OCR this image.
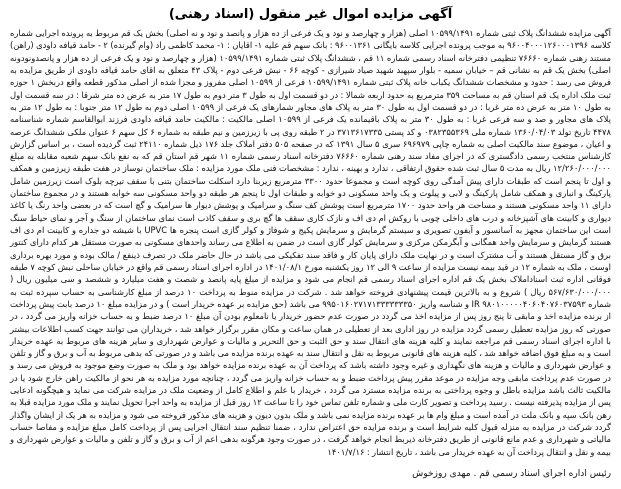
آگهی مزایده اموال غیر منقول (اسناد رهنی)

آگهی مزایده ششدانگ پلاک ثبتی شماره ۱۰۵۹۹/۱۴۹۱ اصلی (هزار و چهارصد و نود و یک فرعی از ده هزار و پانصد و نود و نه اصلی) بخش یک قم مربوط به پرونده اجرایی شماره کلاسه ۹۶۰۰۴۰۰۰۱۲۶۰۰۰۱۳۹۶ به موجب پرونده اجرایی کلاسه بایگانی ۹۶۰۰۱۳۶۱ : بانک سهم قم علیه ۱- اقایان : ۱- محمد کاظمی راد (وام گیرنده) ۲ - حامد قیافه داودی (راهن) مستند رهنی شماره ۷۶۶۶۰ تنظیمی دفترخانه اسناد رسمی شماره ۱۱ قم ، ششدانگ پلاک ثبتی شماره ۱۰۵۹۹/۱۴۹۱ (هزار و چهارصد و نود و یک فرعی از ده هزار و پانصدونودونه اصلی) بخش یک قم به نشانی قم – خیابان سمیه - بلوار سپهبد شهید صیاد شیرازی - کوچه ۶۶ - نبش فرعی دوم - پلاک ۴۳ متعلق به اقای حامد قیافه داودی از طریق مزایده به فروش می رسد : حدود و مشخصات ششدانگ یکباب خانه پلاک ثبتی شماره ۱۰۵۹۹/۱۴۹۱ فرعی از ۱۰۵۹۹ اصلی مفروز و مجزا شده از اصلی مذکور قطعه واقع دربخش ۱ حوزه ثبت ملک اداره یک قم استان قم به مساحت ۳۵۹ مترمربع به حدود اربعه شمالا : در دو قسمت اول به طول ۳ متر دوم به طول ۱۷ متر به عرض ده متر شرقا : در سه قسمت اول به طول ۱۰ متر به عرض ده متر غربا : در دو قسمت اول به طول ۳۰ متر به پلاک های مجاور شمارهای یک فرعی از ۱۰۵۹۹ اصلی دوم به طول ۱۲ متر جنوبا : به طول ۱۲ متر به پلاک های مجاور و صد و سه فرعی غربا : به طول ۳۰ متر به پلاک باقیمانده یک فرعی از ۱۰۵۹۹ اصلی مالکیت : مالکیت حامد قیافه داودی فرزند ابوالقاسم شماره شناسنامه ۴۴۷۸ تاریخ تولد ۱۳۶۰/۰۴/۰۳ شماره ملی ۰۳۸۲۳۵۵۳۶۹ و کد پستی ۳۷۱۳۶۱۷۳۳۵ در ۲ طبقه روی پی با زیرزمین و نیم طبقه به شماره ۶ کل سهم ۶ عنوان ملکی ششدانگ عرصه و اعیان ، موضوع سند مالکیت اصلی به شماره چاپی ۶۹۶۹۷۹ سری ۵ سال ۱۳۹۱ که در صفحه ۵۰۵ دفتر املاک جلد ۱۷۶ ذیل شماره ۲۴۱۱۰ ثبت گردیده است ، بر اساس گزارش کارشناس منتخب رسمی دادگستری که در اجرای مفاد سند رهنی شماره ۷۶۶۶۰ دفترخانه اسناد رسمی شماره ۱۱ شهر قم استان قم که به نفع بانک سهم شعبه مقابله به مبلغ ۱۲/۲۶۰/۰۰۰/۰۰۰ ریال به مدت ۵ سال ثبت شده حقوق ارتفاقی ، ندارد و بهینه ، ندارد : مشخصات فنی ملک مورد مزایده : ملک ساختمان نوساز در هفت طبقه زیرزمین و همکف و اول تا پنجم است که طبقات دارای پیش آمدگی روی کوچه است و مجموعا حدود ۳۳۰۰ مترمربع زیربنا دارد اسکلت ساختمان بتنی با سقف تیرچه بلوک است زیرزمین شامل پارکینگ و انباری و همکف شامل پارکینگ و لابی و پیلوت و یک واحد مسکونی دو خوابه و طبقات اول تا پنجم هر طبقه دو واحد مسکونی سه خوابه هستند و در مجموع ساختمان دارای ۱۱ واحد مسکونی هستند و مساحت هر واحد حدود ۱۷۰۰ مترمربع است پوشش کف سنگ و سرامیک و پوشش دیوار ها سرامیک و گچ است که در بعضی واحد رنگ یا کاغذ دیواری و کابینت های آشپزخانه و درب های داخلی چوبی با روکش ام دی اف و نازک کاری سقف ها گچ بری و سقف کاذب است نمای ساختمان از سنگ و آجر و نمای حیاط سنگ است این ساختمان مجهز به آسانسور و آیفون تصویری و سیستم گرمایش و سرمایش پکیج و شوفاژ و کولر گازی است پنجره ها UPVC با شیشه دو جداره و کابینت ام دی اف هستند گرمایش و سرمایش واحد همگانی و آبگرمکن مرکزی و سرمایش کولر گازی است در ضمن به اطلاع می رساند واحدهای مسکونی به صورت مستقل هر کدام دارای کنتور برق و گاز مستقل هستند و آب مشترک است و در نهایت ملک دارای پایان کار و فاقد سند تفکیکی می باشد در حال حاضر ملک در تصرف ذینفع / مالک بوده و مورد بهره برداری اوست ، ملک به شماره ۱۲ در قید بیمه نیست مزایده از ساعت ۹ الی ۱۲ روز یکشنبه مورخ ۱۴۰۱/۰۸/۱ در اداره اجرای اسناد رسمی قم واقع در خیابان ساحلی نبش کوچه ۷ طبقه فوقانی اداره ثبت اسناداملاک بخش یک قم اداره اجرای اسناد رسمی قم انجام می شود و مزایده از مبلغ پایه پانصد و شصت و هفت میلیارد و ششصد و سی میلیون ریال ( ۵۶۷/۶۳۰/۰۰۰/۰۰۰ ریال ) شروع و به بالاترین قیمت پیشنهادی فروخته خواهد شد . شرکت در مزایده منوط به پرداخت ۱۰ درصد از مبلغ کارشناسی به حساب سپرده ثبت به شماره IR ۹۸۰۱۰۰۰۰۰۴۰۶۰۴۰۷۶۰۳۷۵۹۳ و شناسه واریز ۹۹۵۰۱۶۰۲۷۱۷۱۳۳۳۳۳۳۳۵۰ می باشد (حق مزایده بر عهده خریدار است ) و در مزایده مبلغ ۱۰ درصد بابت پیش پرداخت از برنده مزایده اخذ و مابقی تا پنج روز پس از مزایده اخذ می گردد در صورت عدم حضور خریدار یا نامعلوم بودن آن مبلغ ۱۰ درصد ضبط و به حساب خزانه واریز می گردد ، در صورتی که روز مزایده تعطیل رسمی گردد مزایده در روز اداری بعد از تعطیلی در همان ساعت و مکان مقرر برگزار خواهد شد ، خریداران می توانند جهت کسب اطلاعات بیشتر با اداره اجرای اسناد رسمی قم مراجعه نمایند و کلیه هزینه های انتقال سند و حق الثبت و حق التحریر و مالیات و عوارض شهرداری و سایر هزینه های مربوط به عهده خریدار است و به مبلغ فوق اضافه خواهد شد ، کلیه هزینه های قانونی مربوط به نقل و انتقال سند به عهده برنده مزایده می باشد و در صورتی که بدهی مربوط به آب و برق و گاز و تلفن و عوارض شهرداری و مالیات و هزینه های نگهداری و غیره وجود داشته باشد که پرداخت آن به عهده برنده مزایده خواهد بود و ملک به صورت وضع موجود به فروش می رسد و در صورت عدم پرداخت مابقی وجه مزایده در موعد مقرر پیش پرداخت ضبط و به حساب خزانه واریز می گردد ، چنانچه مورد مزایده به هر نحو از مالکیت راهن خارج شود یا در مالکیت ثالث باشد مزایده باطل و وجوه پرداختی به برنده مزایده مسترد می گردد ، خریدار با علم و اطلاع کامل از وضعیت ملک در مزایده شرکت می نماید و هیچگونه ادعایی پس از مزایده پذیرفته نیست . رسید پرداخت و تصویر کارت ملی و شماره تلفن تماس خود را تا ساعت ۱۲ روز قبل از مزایده به واحد اجرا تحویل نمایند و ملک مورد مزایده قبلا به رهن بانک سپه و بانک ملت در آمده است و مبلغ وام ها بر عهده برنده مزایده نمی باشد و ملک بدون دیون و هزینه های مذکور فروخته می شود و مزایده به هر یک از ایشان واگذار گردد شرکت در مزایده به منزله قبول کلیه شرایط است و برنده مزایده حق اعتراض ندارد ، ضمنا تنظیم سند انتقال اجرایی پس از پرداخت کامل مبلغ مزایده و مفاصا حساب مالیاتی و شهرداری و عدم مانع قانونی از طریق دفترخانه ذیربط انجام خواهد گرفت ، در صورت وجود هرگونه بدهی اعم از آب و برق و گاز و تلفن و مالیات و عوارض شهرداری و بیمه و نقل و انتقال پرداخت آن به عهده خریدار می باشد ، تاریخ انتشار : ۱۴۰۱/۷/۱۶

رئیس اداره اجرای اسناد رسمی قم . مهدی روزخوش
